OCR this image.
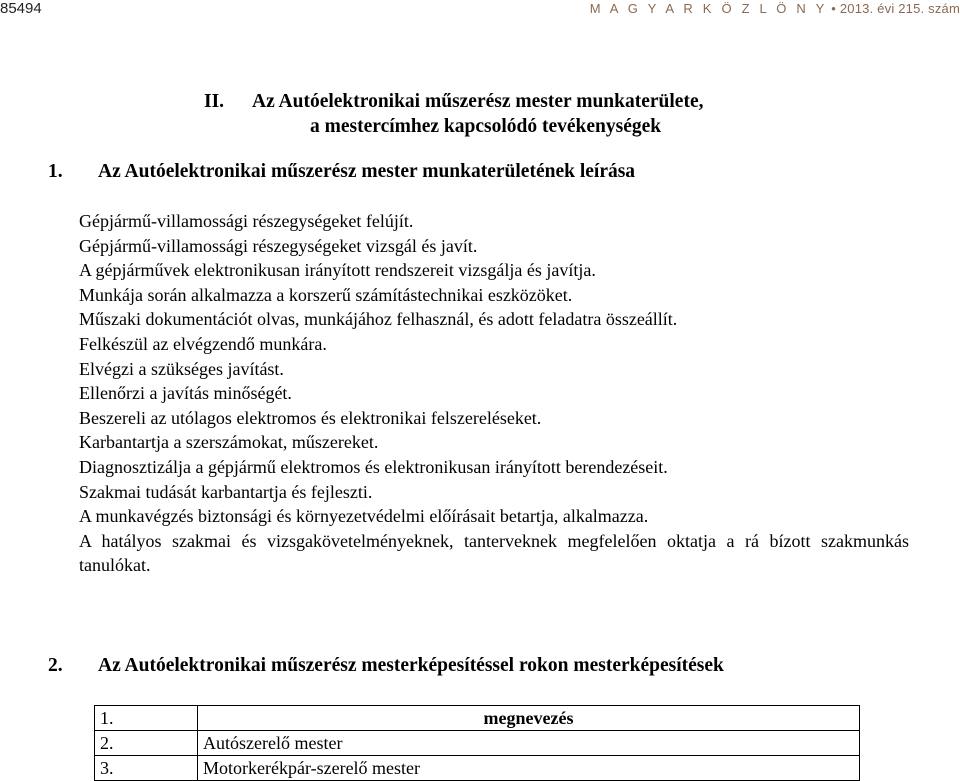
85494	M A G Y A R K Ö Z L Ö N Y • 2013. évi 215. szám
II. Az Autóelektronikai műszerész mester munkaterülete,
a mestercímhez kapcsolódó tevékenységek
1. Az Autóelektronikai műszerész mester munkaterületének leírása
Gépjármű-villamossági részegységeket felújít.
Gépjármű-villamossági részegységeket vizsgál és javít.
A gépjárművek elektronikusan irányított rendszereit vizsgálja és javítja.
Munkája során alkalmazza a korszerű számítástechnikai eszközöket.
Műszaki dokumentációt olvas, munkájához felhasznál, és adott feladatra összeállít.
Felkészül az elvégzendő munkára.
Elvégzi a szükséges javítást.
Ellenőrzi a javítás minőségét.
Beszereli az utólagos elektromos és elektronikai felszereléseket.
Karbantartja a szerszámokat, műszereket.
Diagnosztizálja a gépjármű elektromos és elektronikusan irányított berendezéseit.
Szakmai tudását karbantartja és fejleszti.
A munkavégzés biztonsági és környezetvédelmi előírásait betartja, alkalmazza.
A hatályos szakmai és vizsgakövetelményeknek, tanterveknek megfelelően oktatja a rá bízott szakmunkás tanulókat.
2. Az Autóelektronikai műszerész mesterképesítéssel rokon mesterképesítések
1.	megnevezés
2.	Autószerelő mester
3.	Motorkerékpár-szerelő mester
